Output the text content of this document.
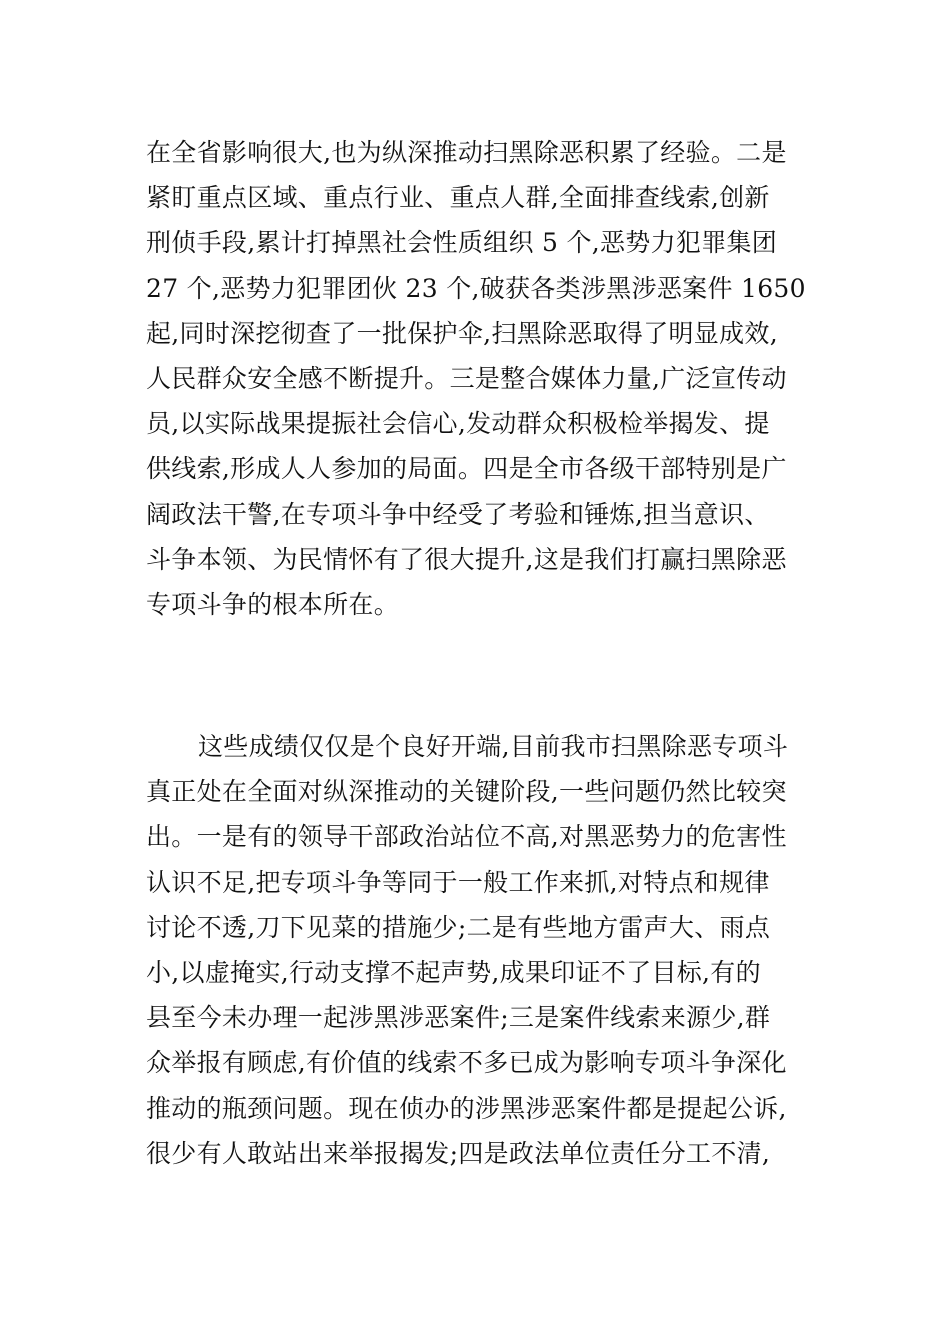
在全省影响很大,也为纵深推动扫黑除恶积累了经验。二是
紧盯重点区域、重点行业、重点人群,全面排查线索,创新
刑侦手段,累计打掉黑社会性质组织 5 个,恶势力犯罪集团
27 个,恶势力犯罪团伙 23 个,破获各类涉黑涉恶案件 1650
起,同时深挖彻查了一批保护伞,扫黑除恶取得了明显成效,
人民群众安全感不断提升。三是整合媒体力量,广泛宣传动
员,以实际战果提振社会信心,发动群众积极检举揭发、提
供线索,形成人人参加的局面。四是全市各级干部特别是广
阔政法干警,在专项斗争中经受了考验和锤炼,担当意识、
斗争本领、为民情怀有了很大提升,这是我们打赢扫黑除恶
专项斗争的根本所在。
这些成绩仅仅是个良好开端,目前我市扫黑除恶专项斗
真正处在全面对纵深推动的关键阶段,一些问题仍然比较突
出。一是有的领导干部政治站位不高,对黑恶势力的危害性
认识不足,把专项斗争等同于一般工作来抓,对特点和规律
讨论不透,刀下见菜的措施少;二是有些地方雷声大、雨点
小,以虚掩实,行动支撑不起声势,成果印证不了目标,有的
县至今未办理一起涉黑涉恶案件;三是案件线索来源少,群
众举报有顾虑,有价值的线索不多已成为影响专项斗争深化
推动的瓶颈问题。现在侦办的涉黑涉恶案件都是提起公诉,
很少有人敢站出来举报揭发;四是政法单位责任分工不清,
